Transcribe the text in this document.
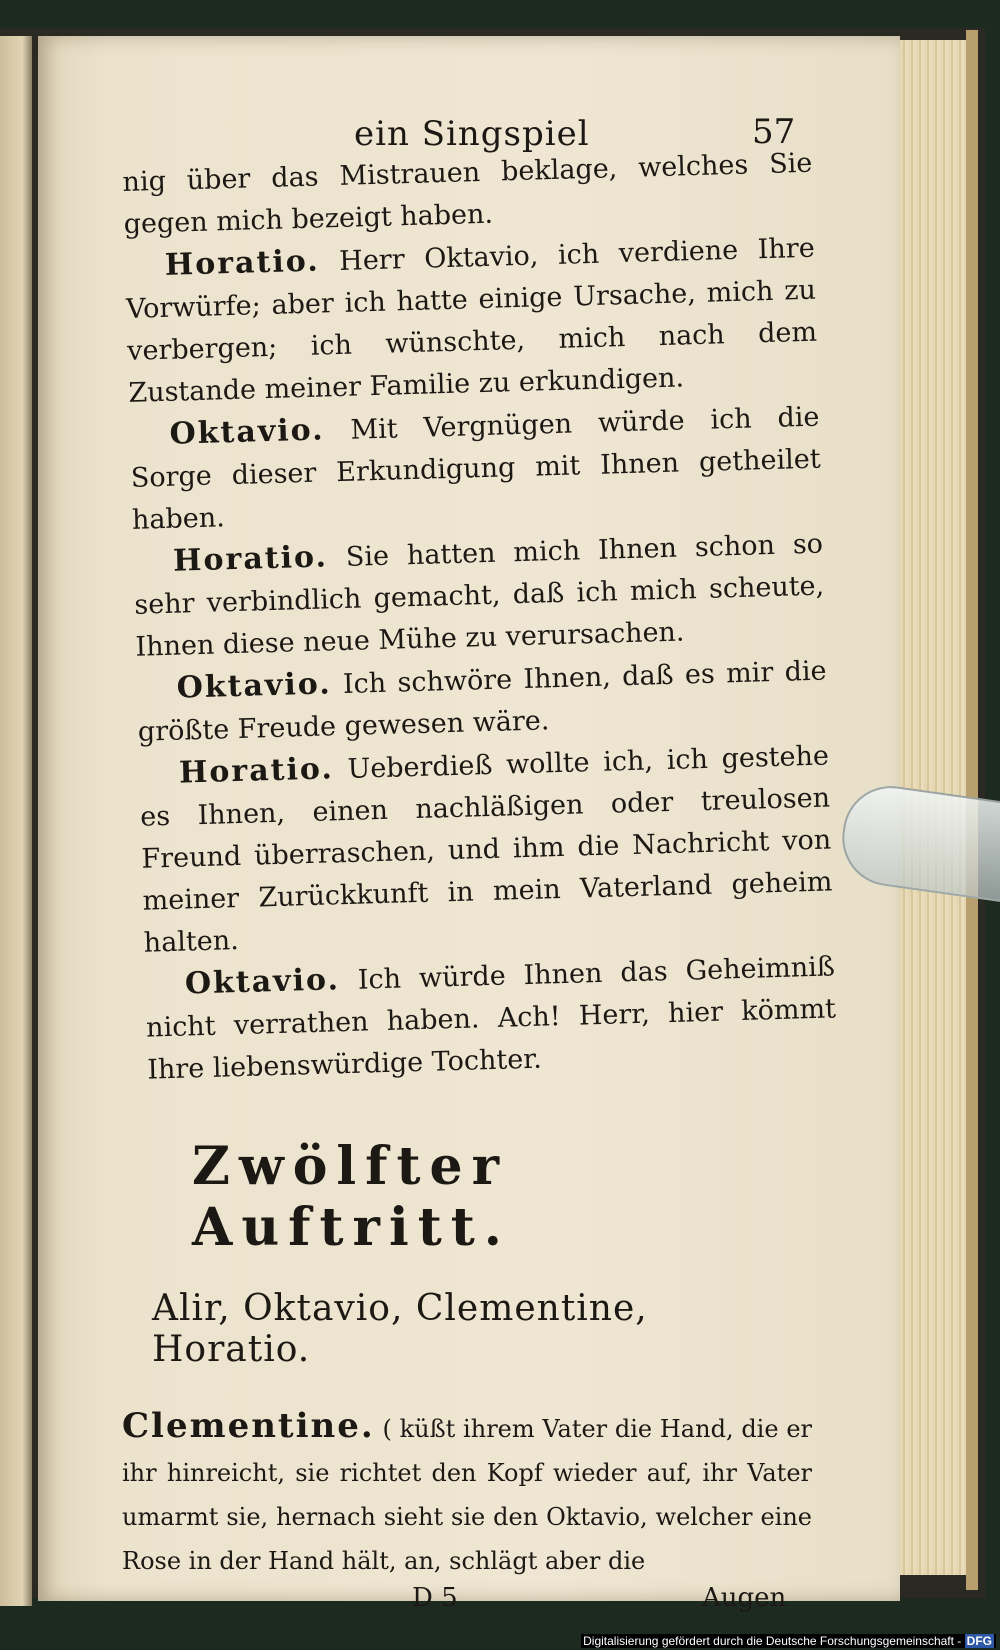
ein Singspiel	57

nig über das Mistrauen beklage, welches Sie gegen mich bezeigt haben.

Horatio. Herr Oktavio, ich verdiene Ihre Vorwürfe; aber ich hatte einige Ursache, mich zu verbergen; ich wünschte, mich nach dem Zustande meiner Familie zu erkundigen.

Oktavio. Mit Vergnügen würde ich die Sorge dieser Erkundigung mit Ihnen getheilet haben.

Horatio. Sie hatten mich Ihnen schon so sehr verbindlich gemacht, daß ich mich scheute, Ihnen diese neue Mühe zu verursachen.

Oktavio. Ich schwöre Ihnen, daß es mir die größte Freude gewesen wäre.

Horatio. Ueberdieß wollte ich, ich gestehe es Ihnen, einen nachläßigen oder treulosen Freund überraschen, und ihm die Nachricht von meiner Zurückkunft in mein Vaterland geheim halten.

Oktavio. Ich würde Ihnen das Geheimniß nicht verrathen haben. Ach! Herr, hier kömmt Ihre liebenswürdige Tochter.

Zwölfter Auftritt.
Alir, Oktavio, Clementine, Horatio.

Clementine. ( küßt ihrem Vater die Hand, die er ihr hinreicht, sie richtet den Kopf wieder auf, ihr Vater umarmt sie, hernach sieht sie den Oktavio, welcher eine Rose in der Hand hält, an, schlägt aber die

D 5	Augen
Digitalisierung gefördert durch die Deutsche Forschungsgemeinschaft - DFG
